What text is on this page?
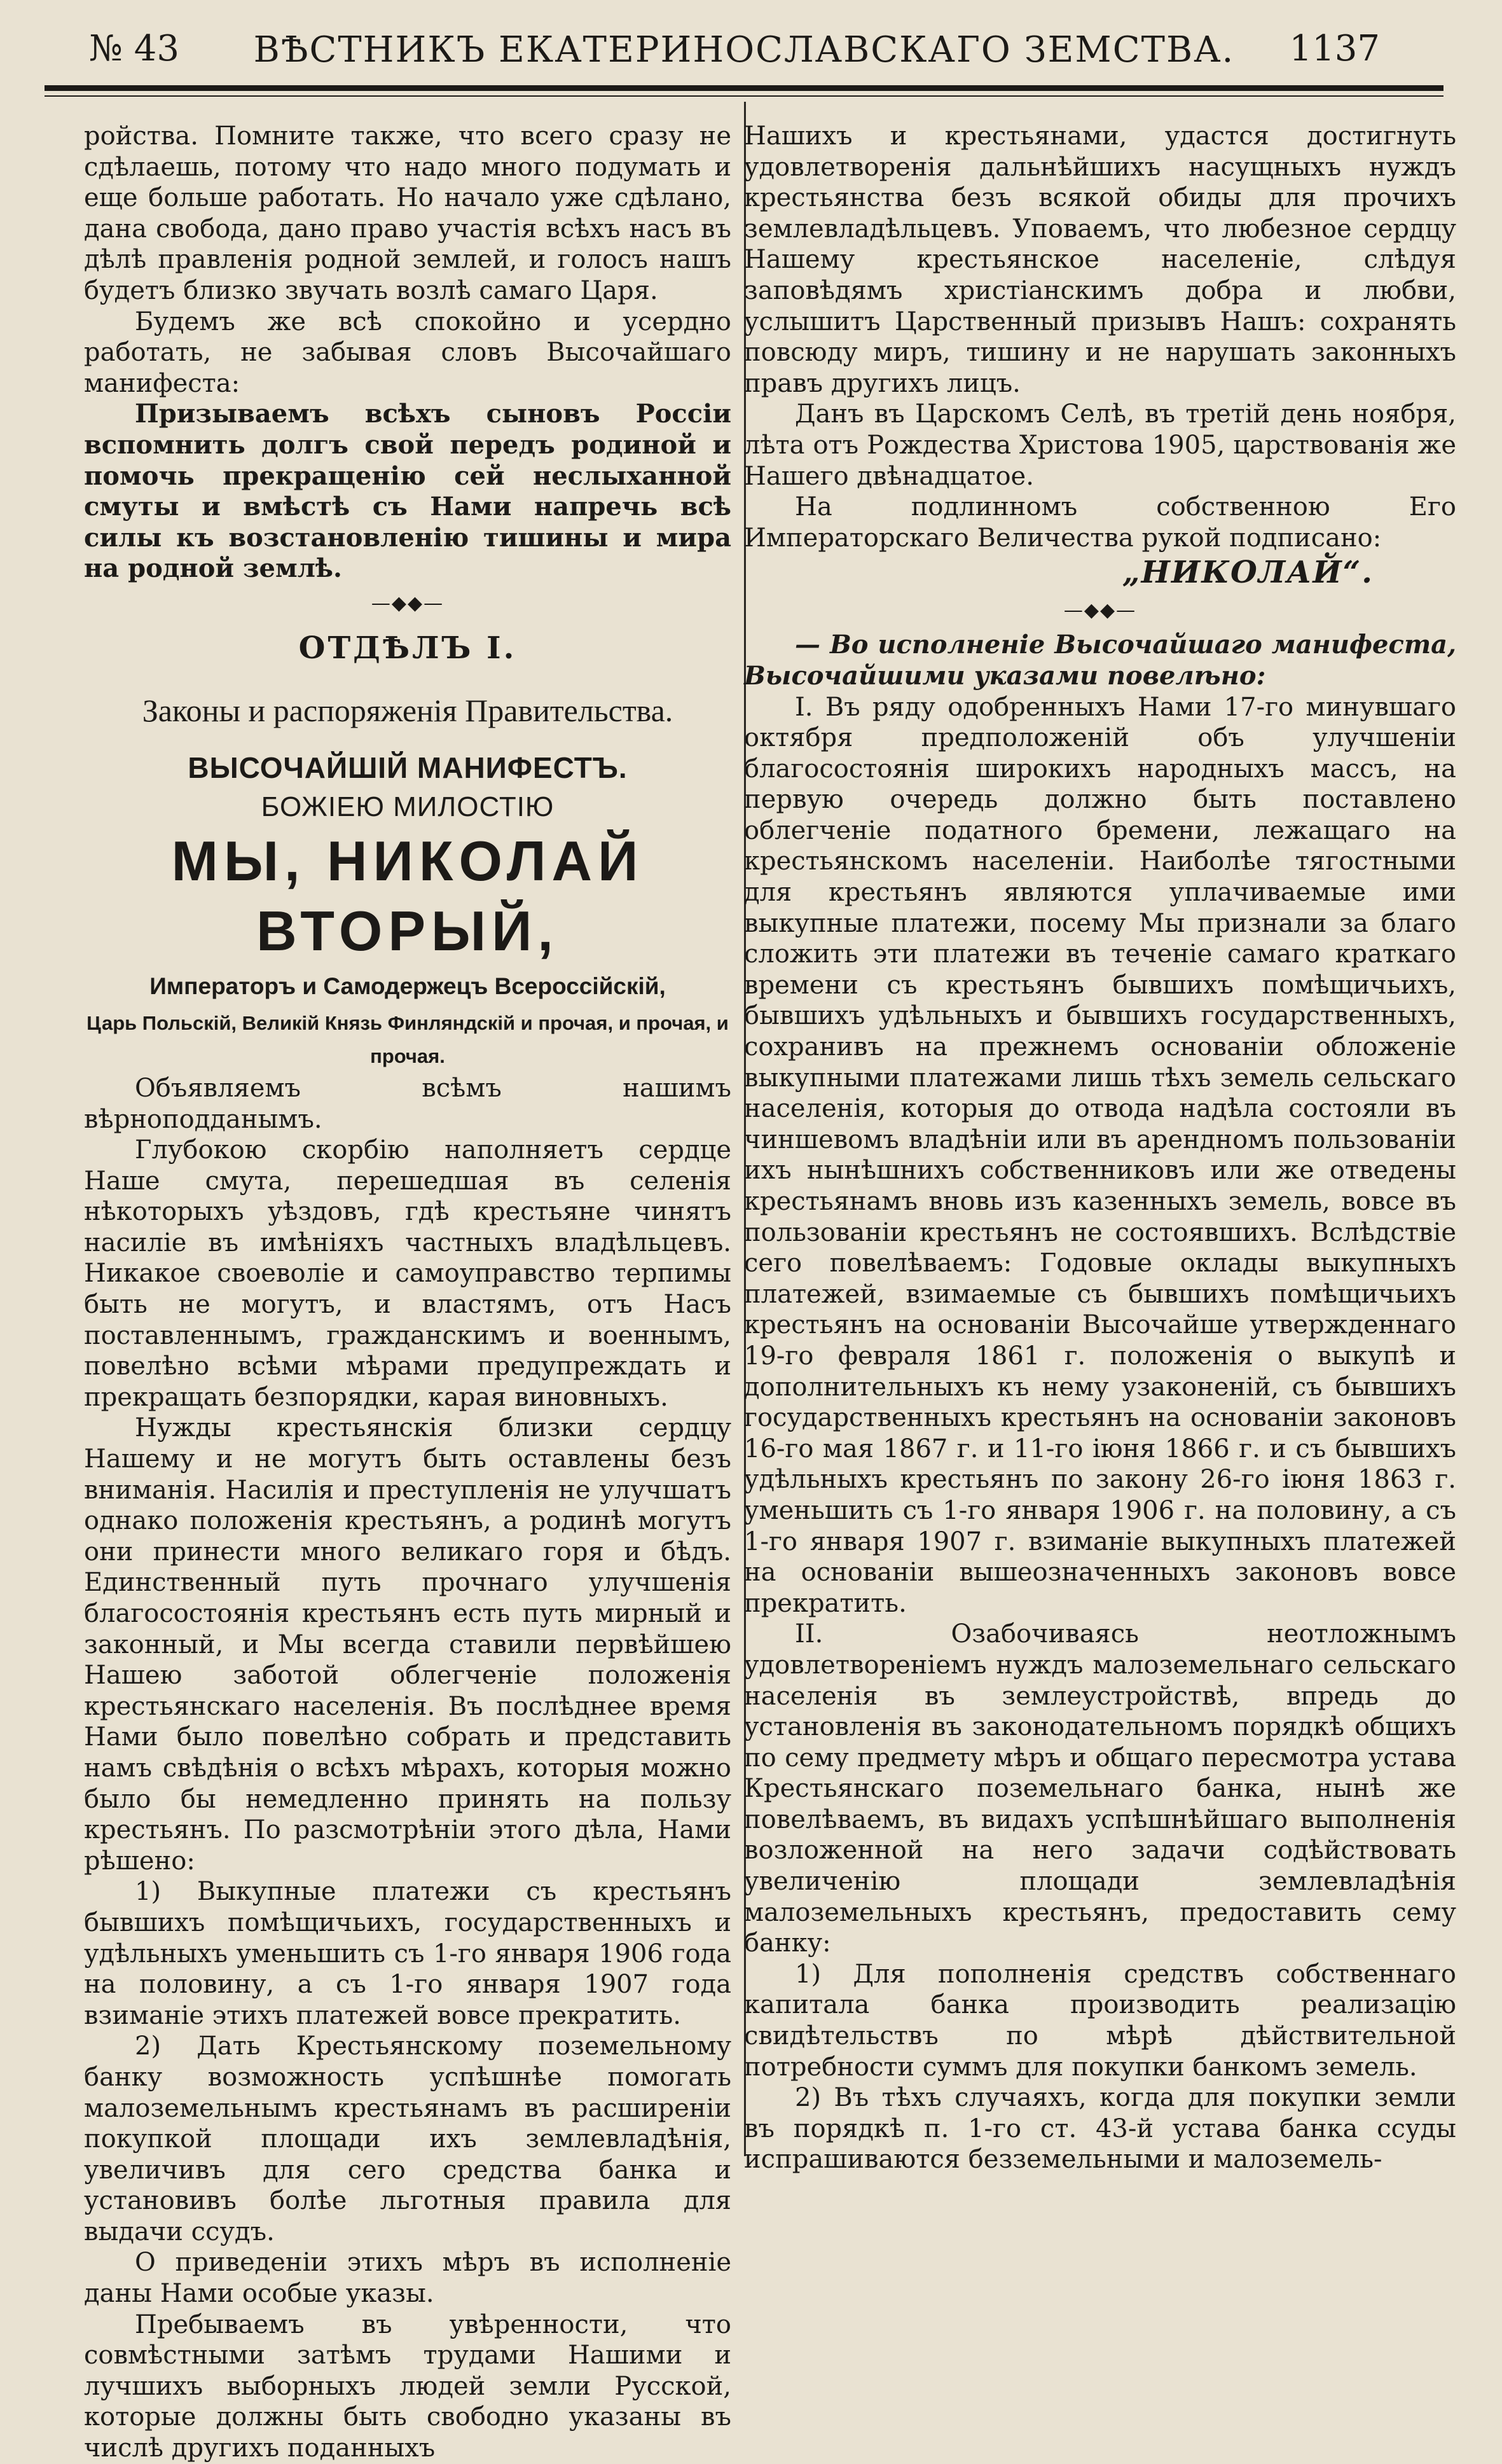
№ 43	ВѢСТНИКЪ ЕКАТЕРИНОСЛАВСКАГО ЗЕМСТВА.	1137

ройства. Помните также, что всего сразу не сдѣлаешь, потому что надо много подумать и еще больше работать. Но начало уже сдѣлано, дана свобода, дано право участія всѣхъ насъ въ дѣлѣ правленія родной землей, и голосъ нашъ будетъ близко звучать возлѣ самаго Царя.

Будемъ же всѣ спокойно и усердно работать, не забывая словъ Высочайшаго манифеста:

Призываемъ всѣхъ сыновъ Россіи вспомнить долгъ свой передъ родиной и помочь прекращенію сей неслыханной смуты и вмѣстѣ съ Нами напречь всѣ силы къ возстановленію тишины и мира на родной землѣ.

—◆◆—
ОТДѢЛЪ I.
Законы и распоряженія Правительства.
ВЫСОЧАЙШІЙ МАНИФЕСТЪ.
БОЖІЕЮ МИЛОСТІЮ
МЫ, НИКОЛАЙ ВТОРЫЙ,
Императоръ и Самодержецъ Всероссійскій,
Царь Польскій, Великій Князь Финляндскій и прочая, и прочая, и прочая.

Объявляемъ всѣмъ нашимъ вѣрноподданымъ.

Глубокою скорбію наполняетъ сердце Наше смута, перешедшая въ селенія нѣкоторыхъ уѣздовъ, гдѣ крестьяне чинятъ насиліе въ имѣніяхъ частныхъ владѣльцевъ. Никакое своеволіе и самоуправство терпимы быть не могутъ, и властямъ, отъ Насъ поставленнымъ, гражданскимъ и военнымъ, повелѣно всѣми мѣрами предупреждать и прекращать безпорядки, карая виновныхъ.

Нужды крестьянскія близки сердцу Нашему и не могутъ быть оставлены безъ вниманія. Насилія и преступленія не улучшатъ однако положенія крестьянъ, а родинѣ могутъ они принести много великаго горя и бѣдъ. Единственный путь прочнаго улучшенія благосостоянія крестьянъ есть путь мирный и законный, и Мы всегда ставили первѣйшею Нашею заботой облегченіе положенія крестьянскаго населенія. Въ послѣднее время Нами было повелѣно собрать и представить намъ свѣдѣнія о всѣхъ мѣрахъ, которыя можно было бы немедленно принять на пользу крестьянъ. По разсмотрѣніи этого дѣла, Нами рѣшено:

1) Выкупные платежи съ крестьянъ бывшихъ помѣщичьихъ, государственныхъ и удѣльныхъ уменьшить съ 1-го января 1906 года на половину, а съ 1-го января 1907 года взиманіе этихъ платежей вовсе прекратить.

2) Дать Крестьянскому поземельному банку возможность успѣшнѣе помогать малоземельнымъ крестьянамъ въ расширеніи покупкой площади ихъ землевладѣнія, увеличивъ для сего средства банка и установивъ болѣе льготныя правила для выдачи ссудъ.

О приведеніи этихъ мѣръ въ исполненіе даны Нами особые указы.

Пребываемъ въ увѣренности, что совмѣстными затѣмъ трудами Нашими и лучшихъ выборныхъ людей земли Русской, которые должны быть свободно указаны въ числѣ другихъ поданныхъ

Нашихъ и крестьянами, удастся достигнуть удовлетворенія дальнѣйшихъ насущныхъ нуждъ крестьянства безъ всякой обиды для прочихъ землевладѣльцевъ. Уповаемъ, что любезное сердцу Нашему крестьянское населеніе, слѣдуя заповѣдямъ христіанскимъ добра и любви, услышитъ Царственный призывъ Нашъ: сохранять повсюду миръ, тишину и не нарушать законныхъ правъ другихъ лицъ.

Данъ въ Царскомъ Селѣ, въ третій день ноября, лѣта отъ Рождества Христова 1905, царствованія же Нашего двѣнадцатое.

На подлинномъ собственною Его Императорскаго Величества рукой подписано:

„НИКОЛАЙ“.
—◆◆—

— Во исполненіе Высочайшаго манифеста, Высочайшими указами повелѣно:

I. Въ ряду одобренныхъ Нами 17-го минувшаго октября предположеній объ улучшеніи благосостоянія широкихъ народныхъ массъ, на первую очередь должно быть поставлено облегченіе податного бремени, лежащаго на крестьянскомъ населеніи. Наиболѣе тягостными для крестьянъ являются уплачиваемые ими выкупные платежи, посему Мы признали за благо сложить эти платежи въ теченіе самаго краткаго времени съ крестьянъ бывшихъ помѣщичьихъ, бывшихъ удѣльныхъ и бывшихъ государственныхъ, сохранивъ на прежнемъ основаніи обложеніе выкупными платежами лишь тѣхъ земель сельскаго населенія, которыя до отвода надѣла состояли въ чиншевомъ владѣніи или въ арендномъ пользованіи ихъ нынѣшнихъ собственниковъ или же отведены крестьянамъ вновь изъ казенныхъ земель, вовсе въ пользованіи крестьянъ не состоявшихъ. Вслѣдствіе сего повелѣваемъ: Годовые оклады выкупныхъ платежей, взимаемые съ бывшихъ помѣщичьихъ крестьянъ на основаніи Высочайше утвержденнаго 19-го февраля 1861 г. положенія о выкупѣ и дополнительныхъ къ нему узаконеній, съ бывшихъ государственныхъ крестьянъ на основаніи законовъ 16-го мая 1867 г. и 11-го іюня 1866 г. и съ бывшихъ удѣльныхъ крестьянъ по закону 26-го іюня 1863 г. уменьшить съ 1-го января 1906 г. на половину, а съ 1-го января 1907 г. взиманіе выкупныхъ платежей на основаніи вышеозначенныхъ законовъ вовсе прекратить.

II. Озабочиваясь неотложнымъ удовлетвореніемъ нуждъ малоземельнаго сельскаго населенія въ землеустройствѣ, впредь до установленія въ законодательномъ порядкѣ общихъ по сему предмету мѣръ и общаго пересмотра устава Крестьянскаго поземельнаго банка, нынѣ же повелѣваемъ, въ видахъ успѣшнѣйшаго выполненія возложенной на него задачи содѣйствовать увеличенію площади землевладѣнія малоземельныхъ крестьянъ, предоставить сему банку:

1) Для пополненія средствъ собственнаго капитала банка производить реализацію свидѣтельствъ по мѣрѣ дѣйствительной потребности суммъ для покупки банкомъ земель.

2) Въ тѣхъ случаяхъ, когда для покупки земли въ порядкѣ п. 1-го ст. 43-й устава банка ссуды испрашиваются безземельными и малоземель-
